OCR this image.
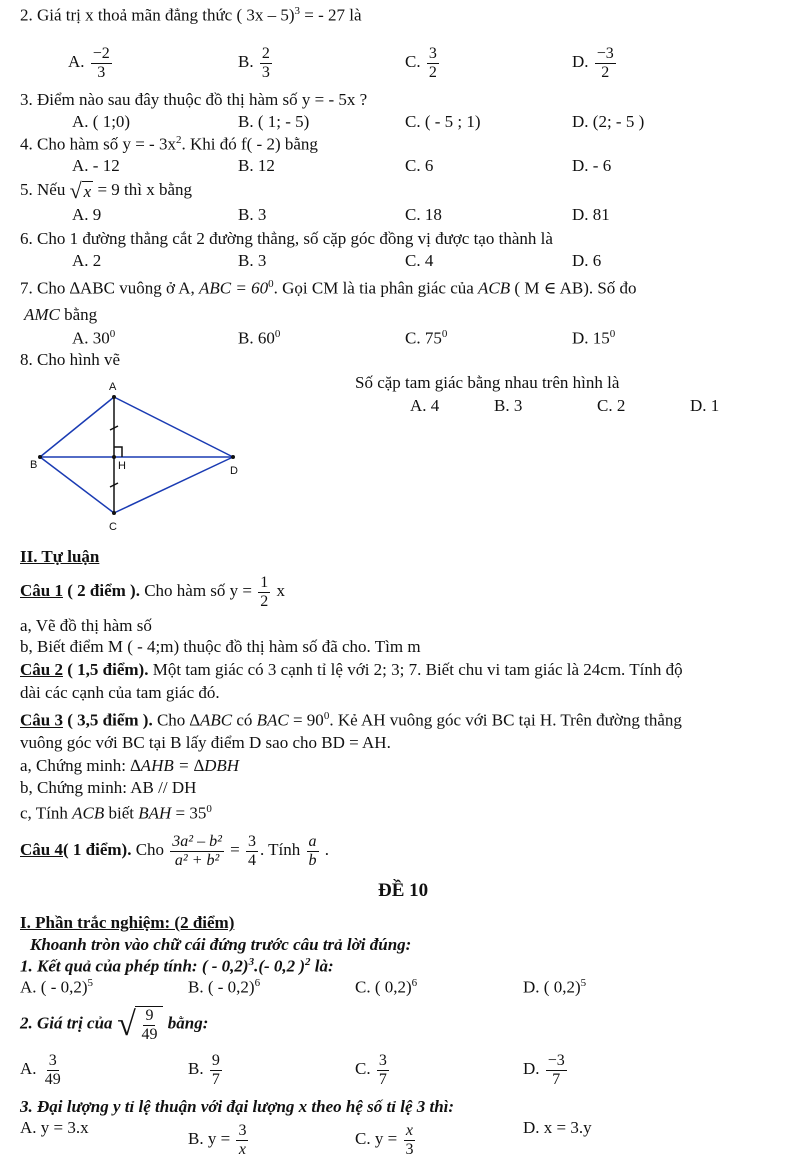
2. Giá trị x thoả mãn đẳng thức ( 3x – 5)$^3$ = - 27 là
A. $\frac{-2}{3}$	B. $\frac{2}{3}$	C. $\frac{3}{2}$	D. $\frac{-3}{2}$
3. Điểm nào sau đây thuộc đồ thị hàm số y = - 5x ?
A. ( 1;0)	B. ( 1; - 5)	C. ( - 5 ; 1)	D. (2; - 5 )
4. Cho hàm số y = - $3x^2$. Khi đó f( - 2) bằng
A. - 12	B. 12	C. 6	D. - 6
5. Nếu √ x = 9 thì x bằng
A. 9	B. 3	C. 18	D. 81
6. Cho 1 đường thẳng cắt 2 đường thẳng, số cặp góc đồng vị được tạo thành là
A. 2	B. 3	C. 4	D. 6
7. Cho ∆ABC vuông ở A, ABC = $60^0$. Gọi CM là tia phân giác của ACB ( M ∈ AB). Số đo
AMC bằng
A. $30^0$	B. $60^0$	C. $75^0$	D. $15^0$
8. Cho hình vẽ
Số cặp tam giác bằng nhau trên hình là
A. 4	B. 3	C. 2	D. 1
A
B	D
C
H
II. Tự luận
Câu 1 ( 2 điểm ). Cho hàm số $y = \frac{1}{2}$ x
a, Vẽ đồ thị hàm số
b, Biết điểm M ( - 4;m) thuộc đồ thị hàm số đã cho. Tìm m
Câu 2 ( 1,5 điểm). Một tam giác có 3 cạnh tỉ lệ với 2; 3; 7. Biết chu vi tam giác là 24cm. Tính độ
dài các cạnh của tam giác đó.
Câu 3 ( 3,5 điểm ). Cho ∆ABC có BAC = $90^0$. Kẻ AH vuông góc với BC tại H. Trên đường thẳng
vuông góc với BC tại B lấy điểm D sao cho BD = AH.
a, Chứng minh: ∆AHB = ∆DBH
b, Chứng minh: AB // DH
c, Tính ACB biết BAH = $35^0$
Câu 4( 1 điểm). Cho $\frac{\text{3a² – b²}}{\text{a² + b²}} = \frac{3}{4}$ . Tính $\frac{a}{b}$ .
ĐỀ 10
I. Phần trắc nghiệm: (2 điểm)
Khoanh tròn vào chữ cái đứng trước câu trả lời đúng:
1. Kết quả của phép tính: ( - 0,2)$^3$.(- 0,2 )$^2$ là:
A. ( - 0,2)$^5$	B. ( - 0,2)$^6$	C. ( 0,2)$^6$	D. ( 0,2)$^5$
2. Giá trị của √ $\frac{9}{49}$ bằng:
A. $\frac{3}{49}$	B. $\frac{9}{7}$	C. $\frac{3}{7}$	D. $\frac{-3}{7}$
3. Đại lượng y tỉ lệ thuận với đại lượng x theo hệ số tỉ lệ 3 thì:
A. y = 3.x
B. $y = \frac{3}{x}$	C. $y = \frac{x}{3}$	D. x = 3.y
